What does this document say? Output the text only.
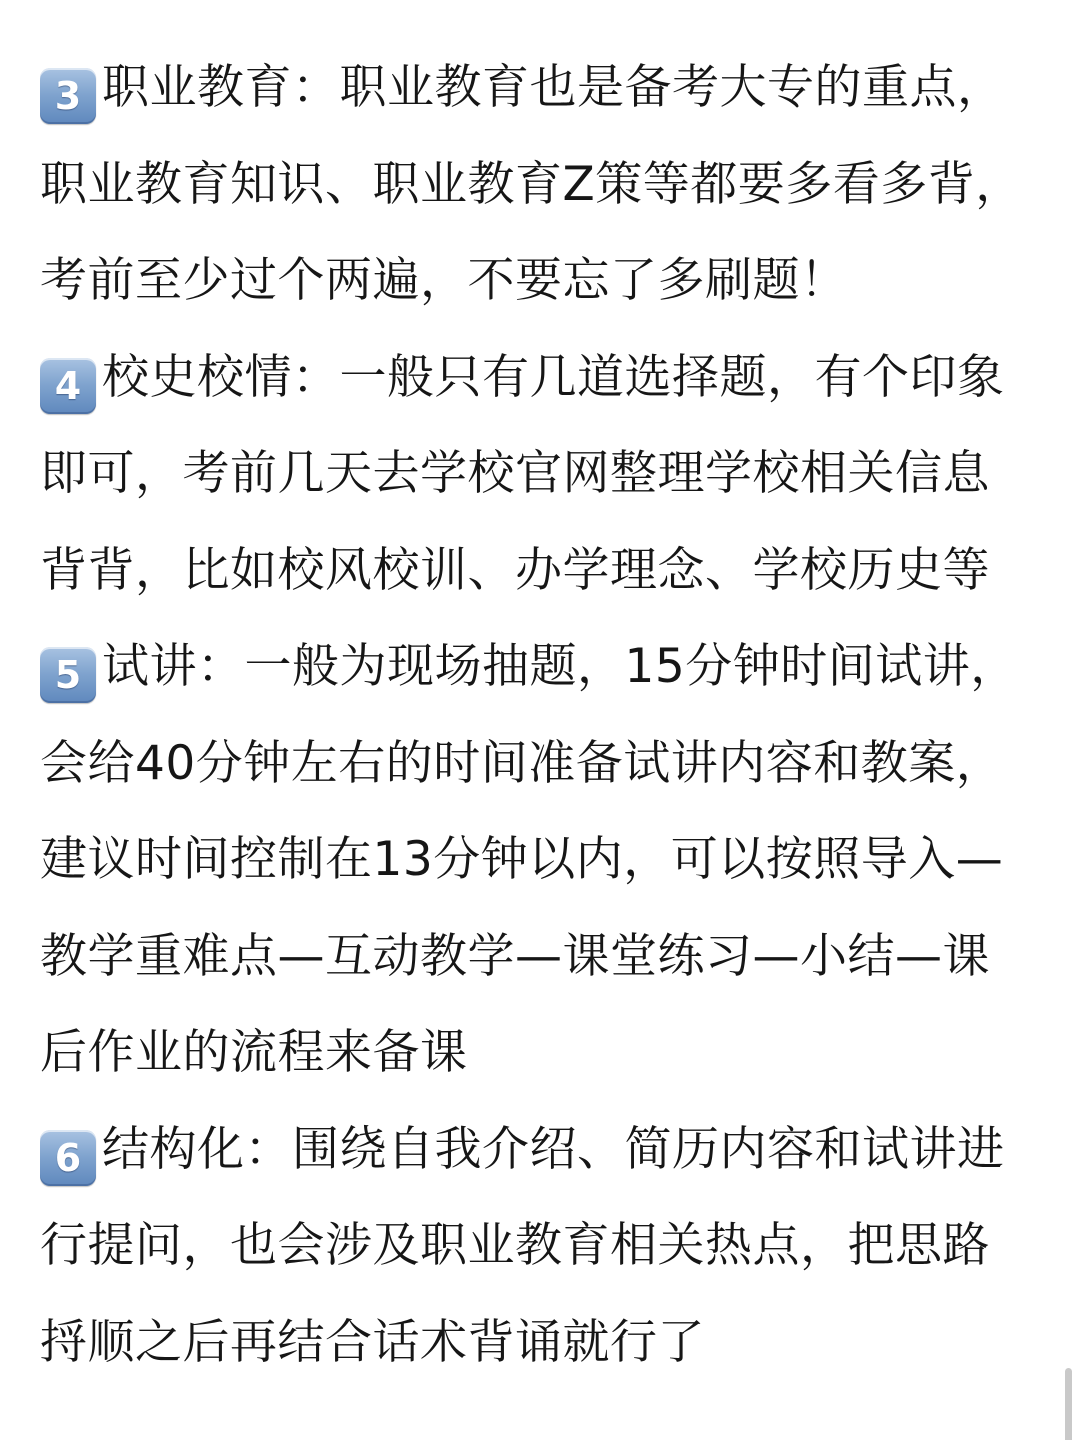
3 职业教育：职业教育也是备考大专的重点，
职业教育知识、职业教育Z策等都要多看多背，
考前至少过个两遍，不要忘了多刷题！
4 校史校情：一般只有几道选择题，有个印象
即可，考前几天去学校官网整理学校相关信息
背背，比如校风校训、办学理念、学校历史等
5 试讲：一般为现场抽题，15分钟时间试讲，
会给40分钟左右的时间准备试讲内容和教案，
建议时间控制在13分钟以内，可以按照导入—
教学重难点—互动教学—课堂练习—小结—课
后作业的流程来备课
6 结构化：围绕自我介绍、简历内容和试讲进
行提问，也会涉及职业教育相关热点，把思路
捋顺之后再结合话术背诵就行了
